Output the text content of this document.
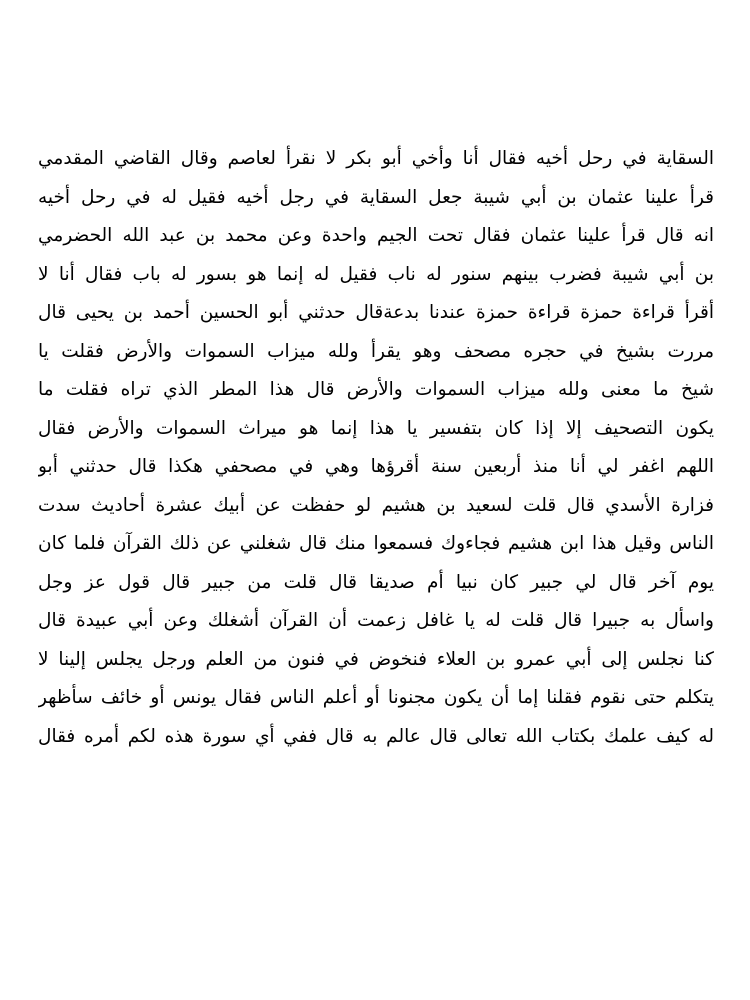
السقاية في رحل أخيه فقال أنا وأخي أبو بكر لا نقرأ لعاصم وقال القاضي المقدمي
قرأ علينا عثمان بن أبي شيبة جعل السقاية في رجل أخيه فقيل له في رحل أخيه
انه قال قرأ علينا عثمان فقال تحت الجيم واحدة وعن محمد بن عبد الله الحضرمي
بن أبي شيبة فضرب بينهم سنور له ناب فقيل له إنما هو بسور له باب فقال أنا لا
أقرأ قراءة حمزة قراءة حمزة عندنا بدعةقال حدثني أبو الحسين أحمد بن يحيى قال
مررت بشيخ في حجره مصحف وهو يقرأ ولله ميزاب السموات والأرض فقلت يا
شيخ ما معنى ولله ميزاب السموات والأرض قال هذا المطر الذي تراه فقلت ما
يكون التصحيف إلا إذا كان بتفسير يا هذا إنما هو ميراث السموات والأرض فقال
اللهم اغفر لي أنا منذ أربعين سنة أقرؤها وهي في مصحفي هكذا قال حدثني أبو
فزارة الأسدي قال قلت لسعيد بن هشيم لو حفظت عن أبيك عشرة أحاديث سدت
الناس وقيل هذا ابن هشيم فجاءوك فسمعوا منك قال شغلني عن ذلك القرآن فلما كان
يوم آخر قال لي جبير كان نبيا أم صديقا قال قلت من جبير قال قول عز وجل
واسأل به جبيرا قال قلت له يا غافل زعمت أن القرآن أشغلك وعن أبي عبيدة قال
كنا نجلس إلى أبي عمرو بن العلاء فنخوض في فنون من العلم ورجل يجلس إلينا لا
يتكلم حتى نقوم فقلنا إما أن يكون مجنونا أو أعلم الناس فقال يونس أو خائف سأظهر
له كيف علمك بكتاب الله تعالى قال عالم به قال ففي أي سورة هذه لكم أمره فقال
